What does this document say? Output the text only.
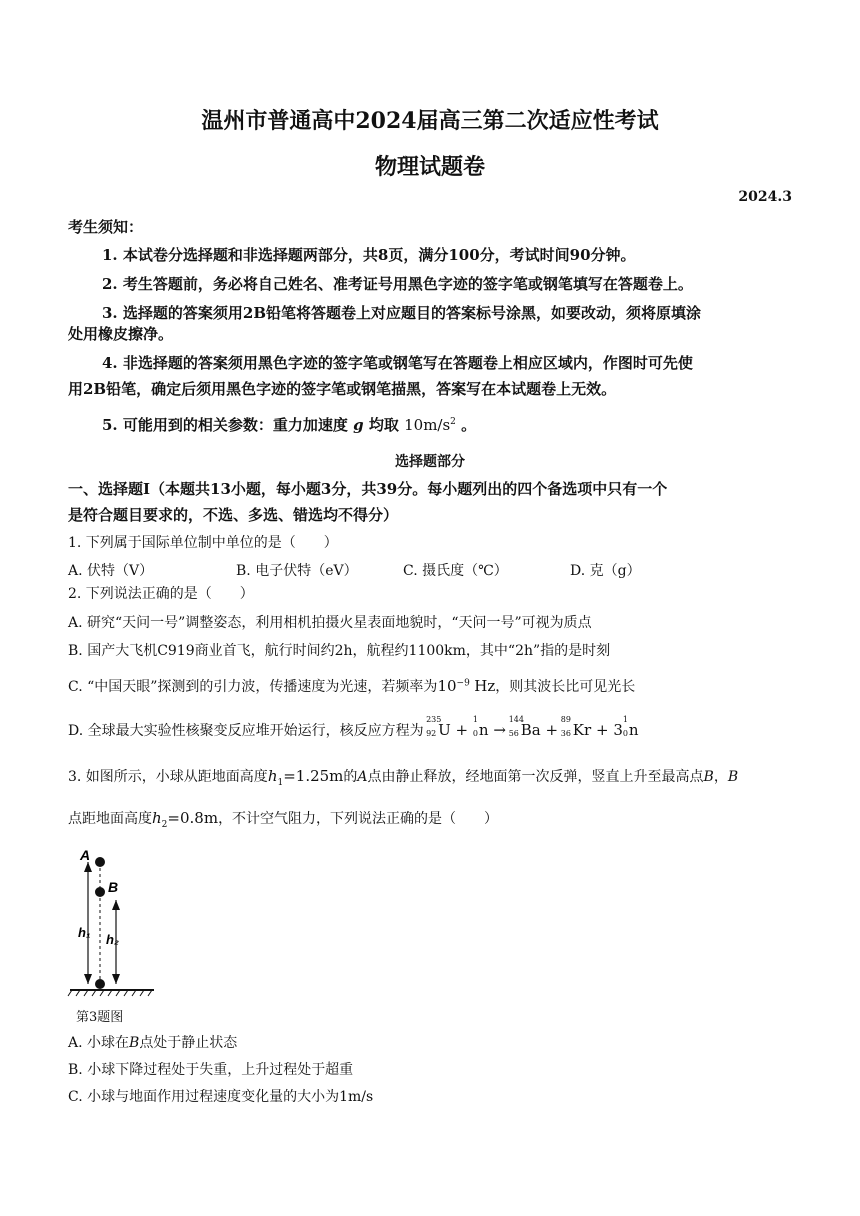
温州市普通高中2024届高三第二次适应性考试
物理试题卷
2024.3
考生须知：
1. 本试卷分选择题和非选择题两部分，共8页，满分100分，考试时间90分钟。
2. 考生答题前，务必将自己姓名、准考证号用黑色字迹的签字笔或钢笔填写在答题卷上。
3. 选择题的答案须用2B铅笔将答题卷上对应题目的答案标号涂黑，如要改动，须将原填涂
处用橡皮擦净。
4. 非选择题的答案须用黑色字迹的签字笔或钢笔写在答题卷上相应区域内，作图时可先使
用2B铅笔，确定后须用黑色字迹的签字笔或钢笔描黑，答案写在本试题卷上无效。
5. 可能用到的相关参数：重力加速度 g 均取 $10m/s^2$ 。
选择题部分
一、选择题Ⅰ（本题共13小题，每小题3分，共39分。每小题列出的四个备选项中只有一个
是符合题目要求的，不选、多选、错选均不得分）
1. 下列属于国际单位制中单位的是（　　）
A. 伏特（V）	B. 电子伏特（eV）	C. 摄氏度（℃）	D. 克（g）
2. 下列说法正确的是（　　）
A. 研究“天问一号”调整姿态，利用相机拍摄火星表面地貌时，“天问一号”可视为质点
B. 国产大飞机C919商业首飞，航行时间约2h，航程约1100km，其中“2h”指的是时刻
C. “中国天眼”探测到的引力波，传播速度为光速，若频率为$10^{-9}$ Hz，则其波长比可见光长
D. 全球最大实验性核聚变反应堆开始运行，核反应方程为
235
92 U +
1
0 n →
144
56 Ba +
89
36 Kr + 3
1
0 n
3. 如图所示，小球从距地面高度$h_1=1.25m$的A点由静止释放，经地面第一次反弹，竖直上升至最高点B，B
点距地面高度$h_2=0.8m$，不计空气阻力，下列说法正确的是（　　）
A
B
h₁ h₂
第3题图
A. 小球在B点处于静止状态
B. 小球下降过程处于失重，上升过程处于超重
C. 小球与地面作用过程速度变化量的大小为1m/s
